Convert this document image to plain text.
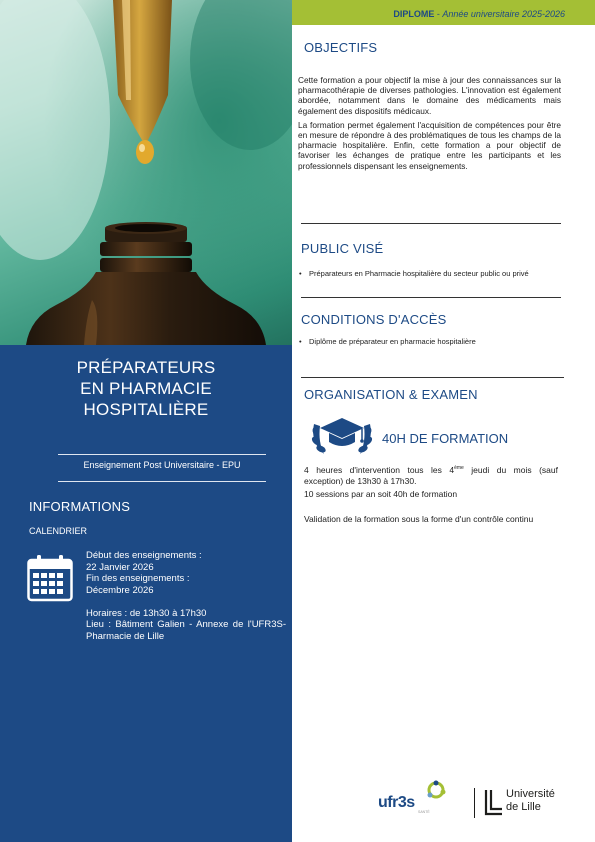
PRÉPARATEURS
EN PHARMACIE
HOSPITALIÈRE
Enseignement Post Universitaire - EPU
INFORMATIONS
CALENDRIER

Début des enseignements :

22 Janvier 2026

Fin des enseignements :

Décembre 2026

Horaires : de 13h30 à 17h30

Lieu : Bâtiment Galien - Annexe de l'UFR3S-Pharmacie de Lille

DIPLOME - Année universitaire 2025-2026
OBJECTIFS

Cette formation a pour objectif la mise à jour des connaissances sur la pharmacothérapie de diverses pathologies. L'innovation est également abordée, notamment dans le domaine des médicaments mais également des dispositifs médicaux.

La formation permet également l'acquisition de compétences pour être en mesure de répondre à des problématiques de tous les champs de la pharmacie hospitalière. Enfin, cette formation a pour objectif de favoriser les échanges de pratique entre les participants et les professionnels dispensant les enseignements.

PUBLIC VISÉ
• Préparateurs en Pharmacie hospitalière du secteur public ou privé
CONDITIONS D'ACCÈS
• Diplôme de préparateur en pharmacie hospitalière
ORGANISATION & EXAMEN
40H DE FORMATION

4 heures d'intervention tous les 4ème jeudi du mois (sauf

exception) de 13h30 à 17h30.

10 sessions par an soit 40h de formation

Validation de la formation sous la forme d'un contrôle continu

ufr3s
SANTÉ
Université
de Lille
